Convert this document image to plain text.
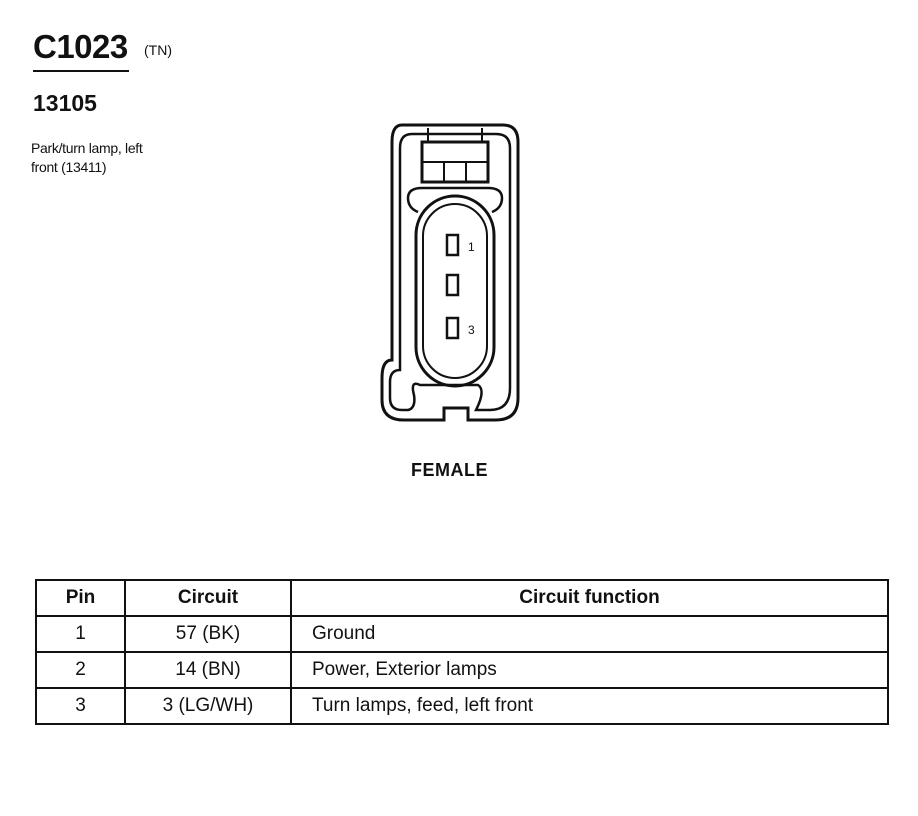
C1023 (TN)
13105
Park/turn lamp, left
front (13411)
1
3
FEMALE
Pin	Circuit	Circuit function
1	57 (BK)	Ground
2	14 (BN)	Power, Exterior lamps
3	3 (LG/WH)	Turn lamps, feed, left front
